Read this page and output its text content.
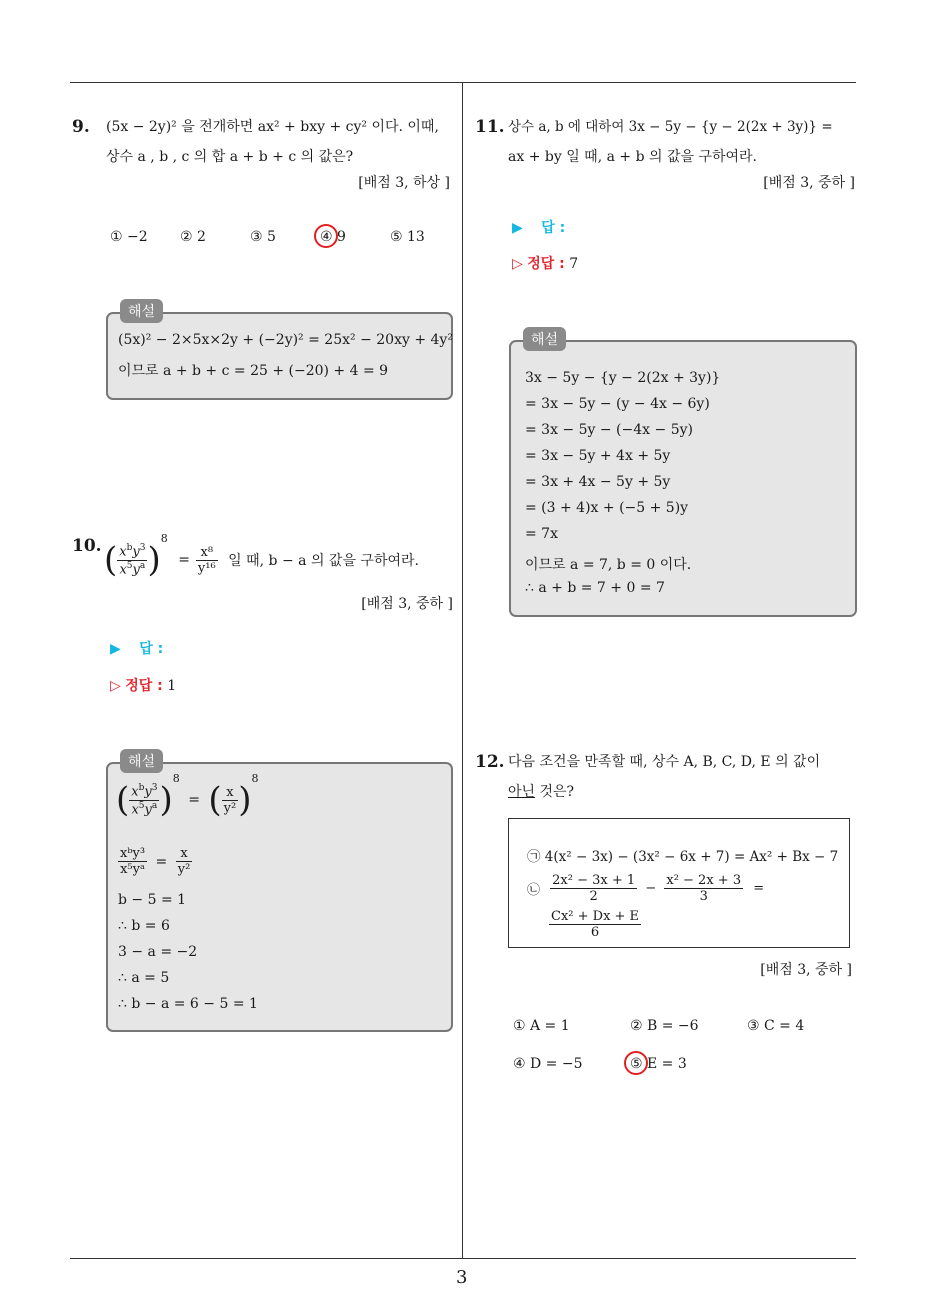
9. (5x − 2y)² 을 전개하면 ax² + bxy + cy² 이다. 이때,
상수 a , b , c 의 합 a + b + c 의 값은?
[배점 3, 하상 ]
① −2	② 2	③ 5	④ 9	⑤ 13
(5x)² − 2×5x×2y + (−2y)² = 25x² − 20xy + 4y²
이므로 a + b + c = 25 + (−20) + 4 = 9
해설
10. ( $\frac{x^by^3}{x^5y^a} )^8 = \frac{\text{x⁸}}{\text{y¹⁶}}$ 일 때, b − a 의 값을 구하여라.
[배점 3, 중하 ]
▶ 답 :
▷ 정답 : 1
( $\frac{x^by^3}{x^5y^a} )^8$ = ( $\frac{x}{\text{y²}} )^8$
$\frac{\text{xᵇy³}}{\text{x⁵yᵃ}} = \frac{x}{\text{y²}}$
b − 5 = 1
∴ b = 6
3 − a = −2
∴ a = 5
∴ b − a = 6 − 5 = 1
해설
11. 상수 a, b 에 대하여 3x − 5y − {y − 2(2x + 3y)} =
ax + by 일 때, a + b 의 값을 구하여라.
[배점 3, 중하 ]
▶ 답 :
▷ 정답 : 7
3x − 5y − {y − 2(2x + 3y)}
= 3x − 5y − (y − 4x − 6y)
= 3x − 5y − (−4x − 5y)
= 3x − 5y + 4x + 5y
= 3x + 4x − 5y + 5y
= (3 + 4)x + (−5 + 5)y
= 7x
이므로 a = 7, b = 0 이다.
∴ a + b = 7 + 0 = 7
해설
12. 다음 조건을 만족할 때, 상수 A, B, C, D, E 의 값이
아닌 것은?
㉠ 4(x² − 3x) − (3x² − 6x + 7) = Ax² + Bx − 7
㉡ $\frac{\text{2x² − 3x + 1}}{2} - \frac{\text{x² − 2x + 3}}{3}$ =
$\frac{\text{Cx² + Dx + E}}{6}$
[배점 3, 중하 ]
① A = 1	② B = −6	③ C = 4
④ D = −5	⑤ E = 3
3
